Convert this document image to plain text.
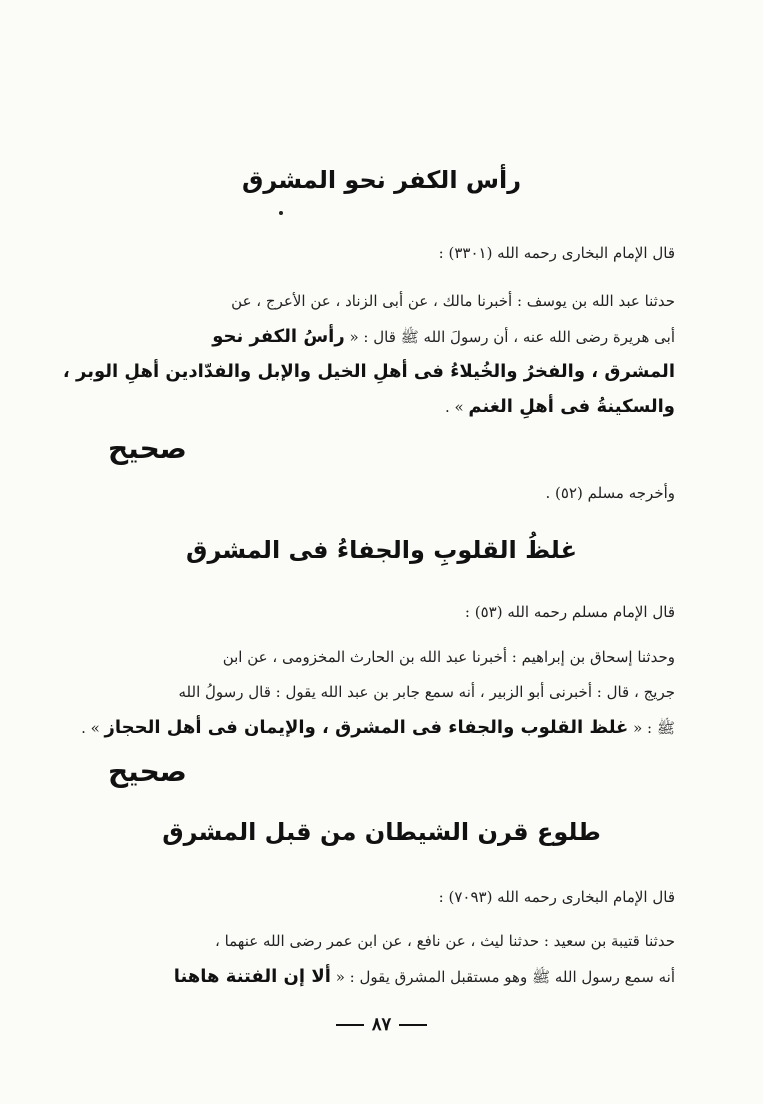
رأس الكفر نحو المشرق
قال الإمام البخارى رحمه الله (٣٣٠١) :
حدثنا عبد الله بن يوسف : أخبرنا مالك ، عن أبى الزناد ، عن الأعرج ، عن
أبى هريرة رضى الله عنه ، أن رسولَ الله ﷺ قال : « رأسُ الكفر نحو
المشرق ، والفخرُ والخُيلاءُ فى أهلِ الخيل والإبل والفدّادين أهلِ الوبر ،
والسكينةُ فى أهلِ الغنم » .
صحيح
وأخرجه مسلم (٥٢) .
غلظُ القلوبِ والجفاءُ فى المشرق
قال الإمام مسلم رحمه الله (٥٣) :
وحدثنا إسحاق بن إبراهيم : أخبرنا عبد الله بن الحارث المخزومى ، عن ابن
جريج ، قال : أخبرنى أبو الزبير ، أنه سمع جابر بن عبد الله يقول : قال رسولُ الله
ﷺ : « غلظ القلوب والجفاء فى المشرق ، والإيمان فى أهل الحجاز » .
صحيح
طلوع قرن الشيطان من قبل المشرق
قال الإمام البخارى رحمه الله (٧٠٩٣) :
حدثنا قتيبة بن سعيد : حدثنا ليث ، عن نافع ، عن ابن عمر رضى الله عنهما ،
أنه سمع رسول الله ﷺ وهو مستقبل المشرق يقول : « ألا إن الفتنة هاهنا
٨٧
